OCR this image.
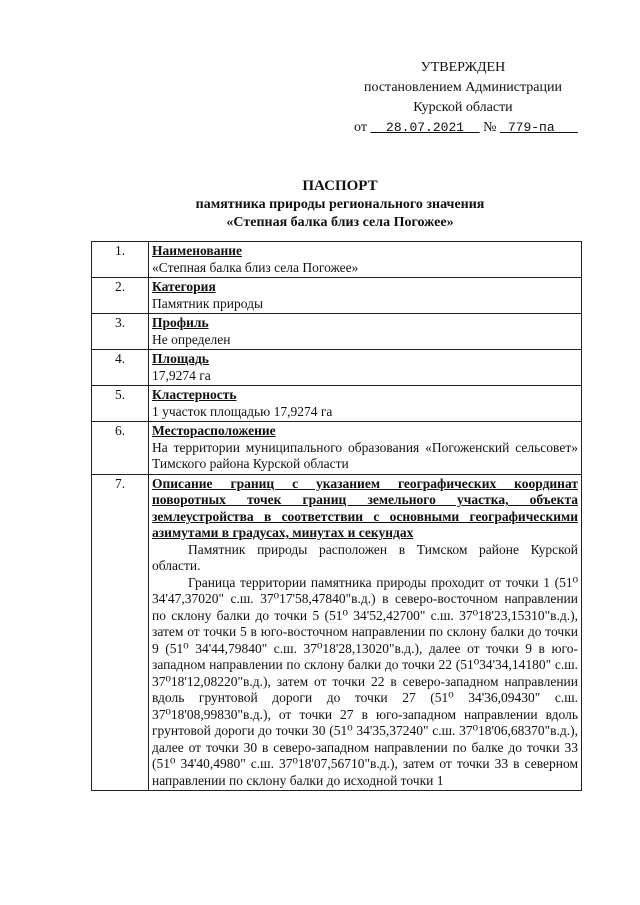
УТВЕРЖДЕН
постановлением Администрации
Курской области
от 28.07.2021 № 779-па
ПАСПОРТ
памятника природы регионального значения
«Степная балка близ села Погожее»
1.	Наименование
«Степная балка близ села Погожее»

2.	Категория
Памятник природы

3.	Профиль
Не определен

4.	Площадь
17,9274 га

5.	Кластерность
1 участок площадью 17,9274 га

6.	Месторасположение
На территории муниципального образования «Погоженский сельсовет» Тимского района Курской области

7.	Описание границ с указанием географических координат поворотных точек границ земельного участка, объекта землеустройства в соответствии с основными географическими азимутами в градусах, минутах и секундах
Памятник природы расположен в Тимском районе Курской области.
Граница территории памятника природы проходит от точки 1 (51⁰ 34'47,37020" с.ш. 37⁰17'58,47840"в.д.) в северо-восточном направлении по склону балки до точки 5 (51⁰ 34'52,42700" с.ш. 37⁰18'23,15310"в.д.), затем от точки 5 в юго-восточном направлении по склону балки до точки 9 (51⁰ 34'44,79840" с.ш. 37⁰18'28,13020"в.д.), далее от точки 9 в юго-западном направлении по склону балки до точки 22 (51⁰34'34,14180" с.ш. 37⁰18'12,08220"в.д.), затем от точки 22 в северо-западном направлении вдоль грунтовой дороги до точки 27 (51⁰ 34'36,09430" с.ш. 37⁰18'08,99830"в.д.), от точки 27 в юго-западном направлении вдоль грунтовой дороги до точки 30 (51⁰ 34'35,37240" с.ш. 37⁰18'06,68370"в.д.), далее от точки 30 в северо-западном направлении по балке до точки 33 (51⁰ 34'40,4980" с.ш. 37⁰18'07,56710"в.д.), затем от точки 33 в северном направлении по склону балки до исходной точки 1
